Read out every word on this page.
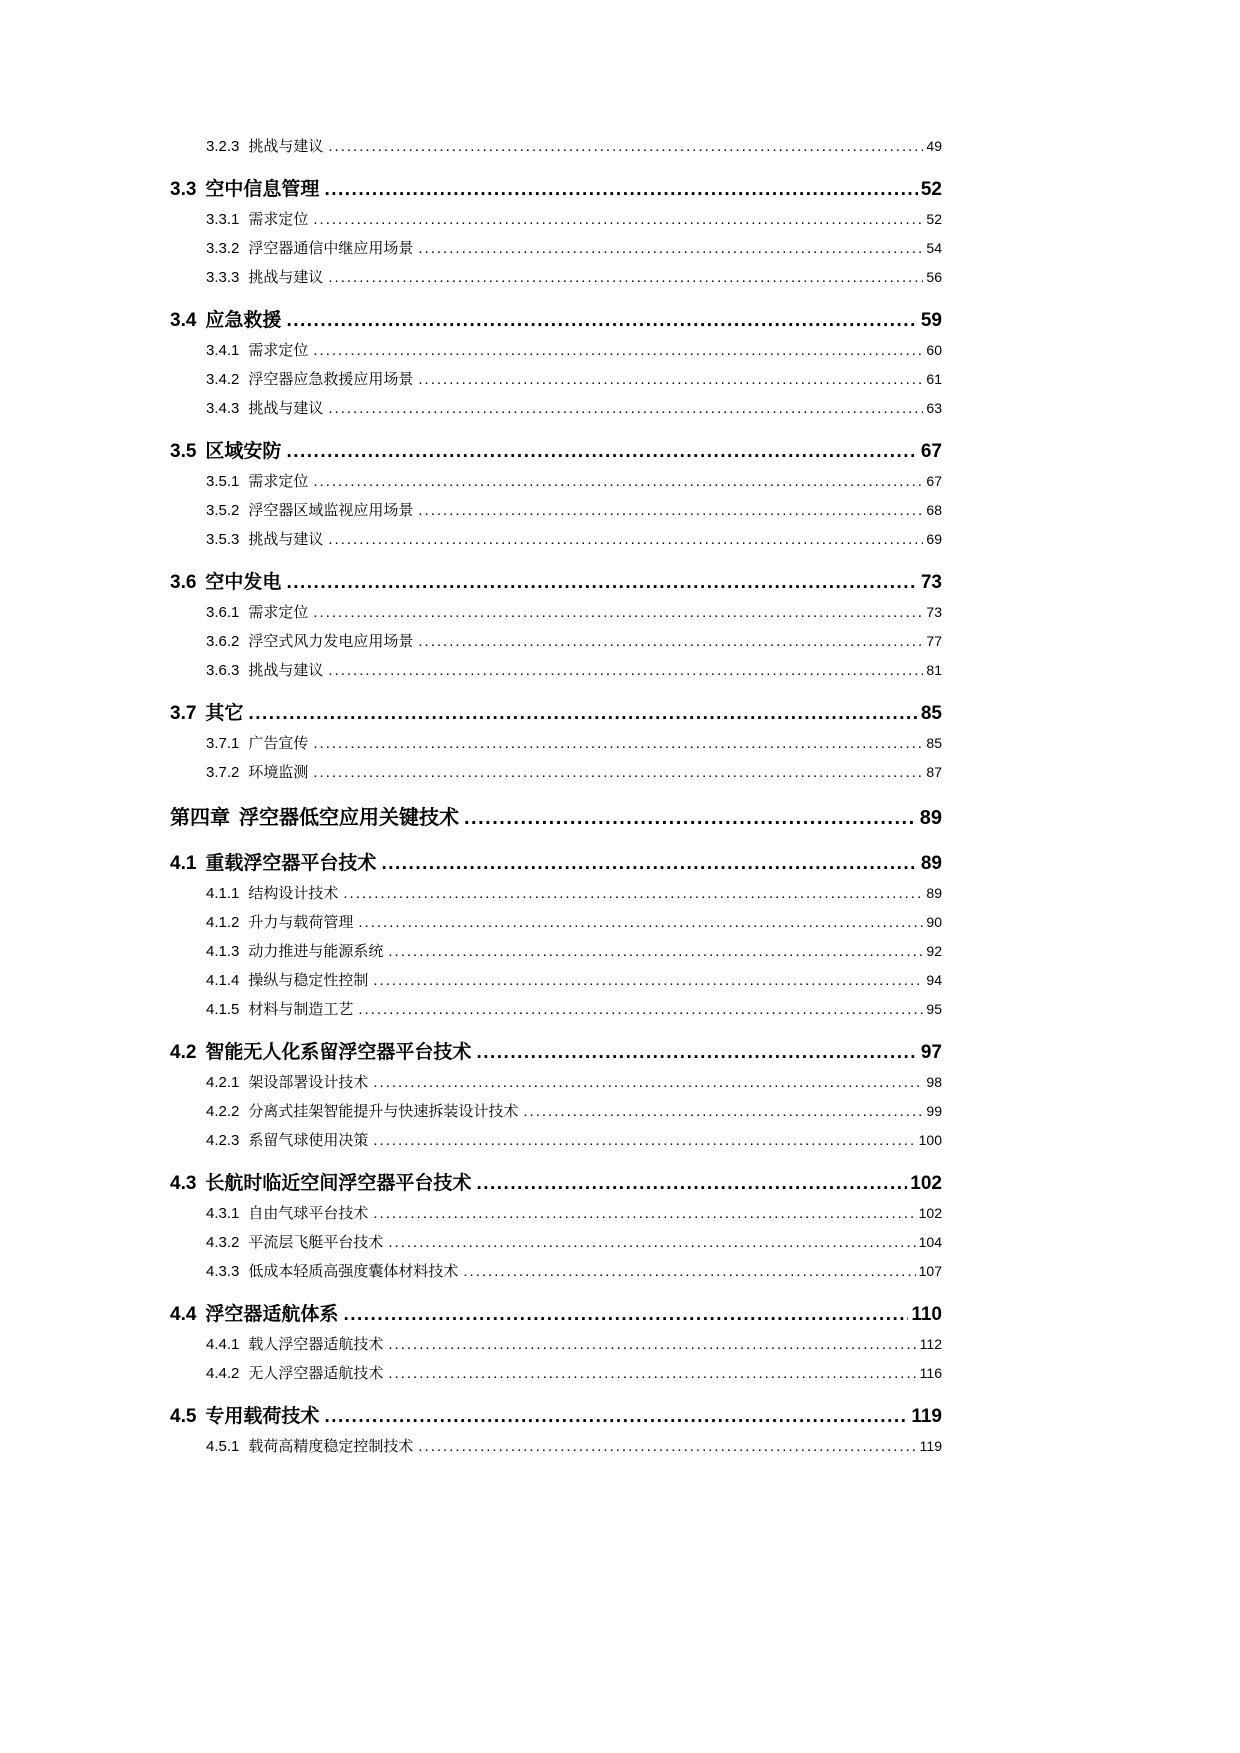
3.2.3 挑战与建议 .....	49
3.3 空中信息管理 .....	52
3.3.1 需求定位 .....	52
3.3.2 浮空器通信中继应用场景 .....	54
3.3.3 挑战与建议 .....	56
3.4 应急救援 .....	59
3.4.1 需求定位 .....	60
3.4.2 浮空器应急救援应用场景 .....	61
3.4.3 挑战与建议 .....	63
3.5 区域安防 .....	67
3.5.1 需求定位 .....	67
3.5.2 浮空器区域监视应用场景 .....	68
3.5.3 挑战与建议 .....	69
3.6 空中发电 .....	73
3.6.1 需求定位 .....	73
3.6.2 浮空式风力发电应用场景 .....	77
3.6.3 挑战与建议 .....	81
3.7 其它 .....	85
3.7.1 广告宣传 .....	85
3.7.2 环境监测 .....	87
第四章 浮空器低空应用关键技术 .....	89
4.1 重载浮空器平台技术 .....	89
4.1.1 结构设计技术 .....	89
4.1.2 升力与载荷管理 .....	90
4.1.3 动力推进与能源系统 .....	92
4.1.4 操纵与稳定性控制 .....	94
4.1.5 材料与制造工艺 .....	95
4.2 智能无人化系留浮空器平台技术 .....	97
4.2.1 架设部署设计技术 .....	98
4.2.2 分离式挂架智能提升与快速拆装设计技术 .....	99
4.2.3 系留气球使用决策 .....	100
4.3 长航时临近空间浮空器平台技术 .....	102
4.3.1 自由气球平台技术 .....	102
4.3.2 平流层飞艇平台技术 .....	104
4.3.3 低成本轻质高强度囊体材料技术 .....	107
4.4 浮空器适航体系 .....	110
4.4.1 载人浮空器适航技术 .....	112
4.4.2 无人浮空器适航技术 .....	116
4.5 专用载荷技术 .....	119
4.5.1 载荷高精度稳定控制技术 .....	119
